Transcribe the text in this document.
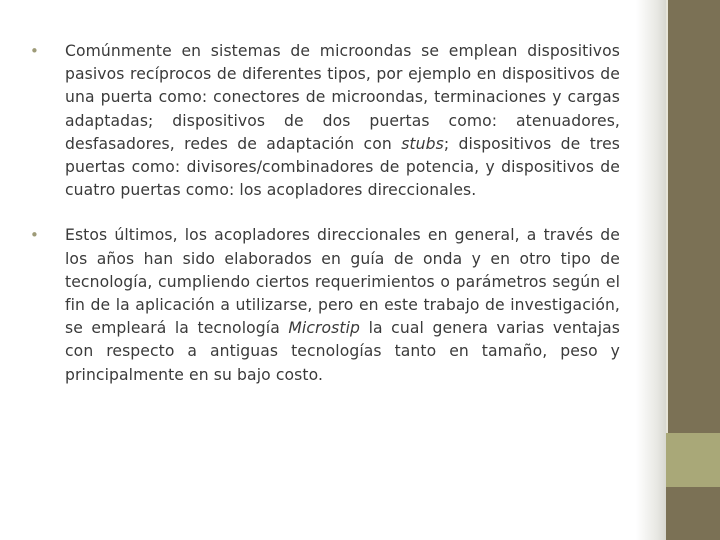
•	Comúnmente en sistemas de microondas se emplean dispositivos pasivos recíprocos de diferentes tipos, por ejemplo en dispositivos de una puerta como: conectores de microondas, terminaciones y cargas adaptadas; dispositivos de dos puertas como: atenuadores, desfasadores, redes de adaptación con stubs; dispositivos de tres puertas como: divisores/combinadores de potencia, y dispositivos de cuatro puertas como: los acopladores direccionales.
•	Estos últimos, los acopladores direccionales en general, a través de los años han sido elaborados en guía de onda y en otro tipo de tecnología, cumpliendo ciertos requerimientos o parámetros según el fin de la aplicación a utilizarse, pero en este trabajo de investigación, se empleará la tecnología Microstip la cual genera varias ventajas con respecto a antiguas tecnologías tanto en tamaño, peso y principalmente en su bajo costo.
